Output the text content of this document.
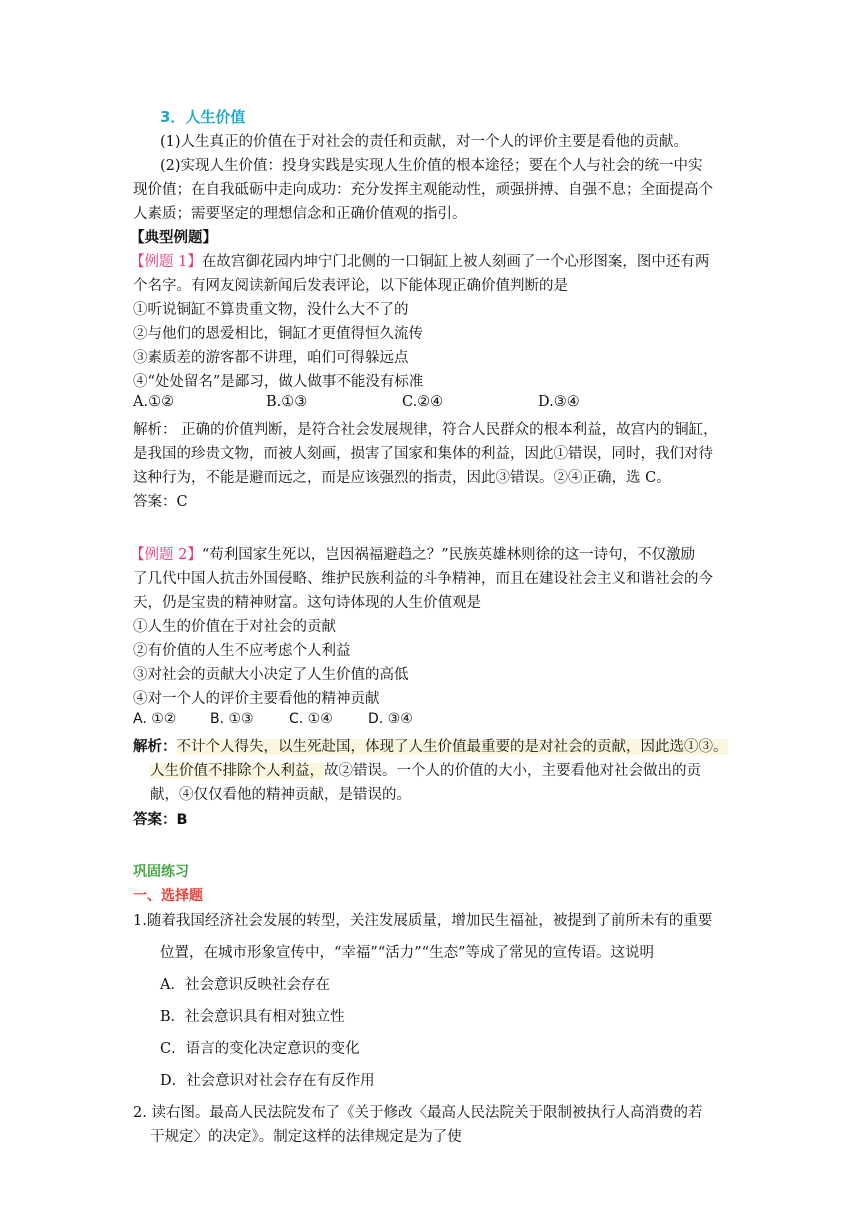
3．人生价值
(1)人生真正的价值在于对社会的责任和贡献，对一个人的评价主要是看他的贡献。
(2)实现人生价值：投身实践是实现人生价值的根本途径；要在个人与社会的统一中实
现价值；在自我砥砺中走向成功：充分发挥主观能动性，顽强拼搏、自强不息；全面提高个
人素质；需要坚定的理想信念和正确价值观的指引。
【典型例题】
【例题 1】在故宫御花园内坤宁门北侧的一口铜缸上被人刻画了一个心形图案，图中还有两
个名字。有网友阅读新闻后发表评论，以下能体现正确价值判断的是
①听说铜缸不算贵重文物，没什么大不了的
②与他们的恩爱相比，铜缸才更值得恒久流传
③素质差的游客都不讲理，咱们可得躲远点
④“处处留名”是鄙习，做人做事不能没有标准
A.①②	B.①③	C.②④	D.③④
解析： 正确的价值判断，是符合社会发展规律，符合人民群众的根本利益，故宫内的铜缸，
是我国的珍贵文物，而被人刻画，损害了国家和集体的利益，因此①错误，同时，我们对待
这种行为，不能是避而远之，而是应该强烈的指责，因此③错误。②④正确，选 C。
答案：C
【例题 2】“苟利国家生死以，岂因祸福避趋之？”民族英雄林则徐的这一诗句，不仅激励
了几代中国人抗击外国侵略、维护民族利益的斗争精神，而且在建设社会主义和谐社会的今
天，仍是宝贵的精神财富。这句诗体现的人生价值观是
①人生的价值在于对社会的贡献
②有价值的人生不应考虑个人利益
③对社会的贡献大小决定了人生价值的高低
④对一个人的评价主要看他的精神贡献
A. ①② B. ①③	C. ①④	D. ③④
解析：不计个人得失，以生死赴国，体现了人生价值最重要的是对社会的贡献，因此选①③。
人生价值不排除个人利益，故②错误。一个人的价值的大小，主要看他对社会做出的贡
献，④仅仅看他的精神贡献，是错误的。
答案：B
巩固练习
一、选择题
1.随着我国经济社会发展的转型，关注发展质量，增加民生福祉，被提到了前所未有的重要
位置，在城市形象宣传中，“幸福”“活力”“生态”等成了常见的宣传语。这说明
A．社会意识反映社会存在
B．社会意识具有相对独立性
C．语言的变化决定意识的变化
D．社会意识对社会存在有反作用
2. 读右图。最高人民法院发布了《关于修改〈最高人民法院关于限制被执行人高消费的若
干规定〉的决定》。制定这样的法律规定是为了使
